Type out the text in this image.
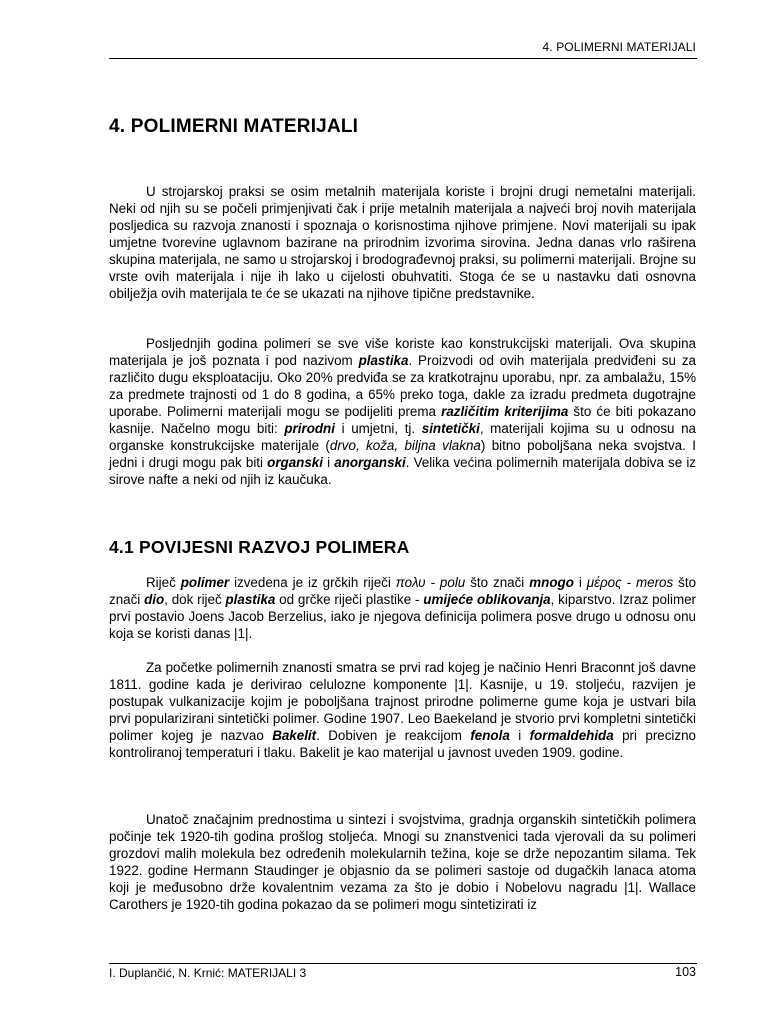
4. POLIMERNI MATERIJALI
4. POLIMERNI MATERIJALI

U strojarskoj praksi se osim metalnih materijala koriste i brojni drugi nemetalni materijali. Neki od njih su se počeli primjenjivati čak i prije metalnih materijala a najveći broj novih materijala posljedica su razvoja znanosti i spoznaja o korisnostima njihove primjene. Novi materijali su ipak umjetne tvorevine uglavnom bazirane na prirodnim izvorima sirovina. Jedna danas vrlo raširena skupina materijala, ne samo u strojarskoj i brodograđevnoj praksi, su polimerni materijali. Brojne su vrste ovih materijala i nije ih lako u cijelosti obuhvatiti. Stoga će se u nastavku dati osnovna obilježja ovih materijala te će se ukazati na njihove tipične predstavnike.

Posljednjih godina polimeri se sve više koriste kao konstrukcijski materijali. Ova skupina materijala je još poznata i pod nazivom plastika. Proizvodi od ovih materijala predviđeni su za različito dugu eksploataciju. Oko 20% predviđa se za kratkotrajnu uporabu, npr. za ambalažu, 15% za predmete trajnosti od 1 do 8 godina, a 65% preko toga, dakle za izradu predmeta dugotrajne uporabe. Polimerni materijali mogu se podijeliti prema različitim kriterijima što će biti pokazano kasnije. Načelno mogu biti: prirodni i umjetni, tj. sintetički, materijali kojima su u odnosu na organske konstrukcijske materijale (drvo, koža, biljna vlakna) bitno poboljšana neka svojstva. I jedni i drugi mogu pak biti organski i anorganski. Velika većina polimernih materijala dobiva se iz sirove nafte a neki od njih iz kaučuka.

4.1 POVIJESNI RAZVOJ POLIMERA

Riječ polimer izvedena je iz grčkih riječi πολυ - polu što znači mnogo i μέρος - meros što znači dio, dok riječ plastika od grčke riječi plastike - umijeće oblikovanja, kiparstvo. Izraz polimer prvi postavio Joens Jacob Berzelius, iako je njegova definicija polimera posve drugo u odnosu onu koja se koristi danas |1|.

Za početke polimernih znanosti smatra se prvi rad kojeg je načinio Henri Braconnt još davne 1811. godine kada je derivirao celulozne komponente |1|. Kasnije, u 19. stoljeću, razvijen je postupak vulkanizacije kojim je poboljšana trajnost prirodne polimerne gume koja je ustvari bila prvi popularizirani sintetički polimer. Godine 1907. Leo Baekeland je stvorio prvi kompletni sintetički polimer kojeg je nazvao Bakelit. Dobiven je reakcijom fenola i formaldehida pri precizno kontroliranoj temperaturi i tlaku. Bakelit je kao materijal u javnost uveden 1909. godine.

Unatoč značajnim prednostima u sintezi i svojstvima, gradnja organskih sintetičkih polimera počinje tek 1920-tih godina prošlog stoljeća. Mnogi su znanstvenici tada vjerovali da su polimeri grozdovi malih molekula bez određenih molekularnih težina, koje se drže nepozantim silama. Tek 1922. godine Hermann Staudinger je objasnio da se polimeri sastoje od dugačkih lanaca atoma koji je međusobno drže kovalentnim vezama za što je dobio i Nobelovu nagradu |1|. Wallace Carothers je 1920-tih godina pokazao da se polimeri mogu sintetizirati iz

I. Duplančić, N. Krnić: MATERIJALI 3	103
